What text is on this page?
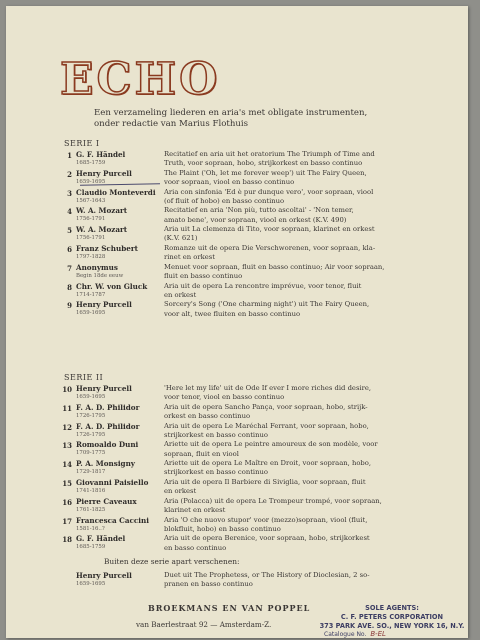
ECHO
Een verzameling liederen en aria's met obligate instrumenten,
onder redactie van Marius Flothuis
SERIE I
1 G. F. Händel
1685-1759
Recitatief en aria uit het oratorium The Triumph of Time and
Truth, voor sopraan, hobo, strijkorkest en basso continuo
2 Henry Purcell
1659-1695
The Plaint ('Oh, let me forever weep') uit The Fairy Queen,
voor sopraan, viool en basso continuo
3 Claudio Monteverdi
1567-1643
Aria con sinfonia 'Ed è pur dunque vero', voor sopraan, viool
(of fluit of hobo) en basso continuo
4 W. A. Mozart
1756-1791
Recitatief en aria 'Non più, tutto ascoltai' - 'Non temer,
amato bene', voor sopraan, viool en orkest (K.V. 490)
5 W. A. Mozart
1756-1791
Aria uit La clemenza di Tito, voor sopraan, klarinet en orkest
(K.V. 621)
6 Franz Schubert
1797-1828
Romanze uit de opera Die Verschworenen, voor sopraan, kla-
rinet en orkest
7 Anonymus
Begin 18de eeuw
Menuet voor sopraan, fluit en basso continuo; Air voor sopraan,
fluit en basso continuo
8 Chr. W. von Gluck
1714-1787
Aria uit de opera La rencontre imprévue, voor tenor, fluit
en orkest
9 Henry Purcell
1659-1695
Sorcery's Song ('One charming night') uit The Fairy Queen,
voor alt, twee fluiten en basso continuo
SERIE II
10 Henry Purcell
1659-1695
'Here let my life' uit de Ode If ever I more riches did desire,
voor tenor, viool en basso continuo
11 F. A. D. Philidor
1726-1795
Aria uit de opera Sancho Pança, voor sopraan, hobo, strijk-
orkest en basso continuo
12 F. A. D. Philidor
1726-1795
Aria uit de opera Le Maréchal Ferrant, voor sopraan, hobo,
strijkorkest en basso continuo
13 Romoaldo Duni
1709-1775
Ariette uit de opera Le peintre amoureux de son modèle, voor
sopraan, fluit en viool
14 P. A. Monsigny
1729-1817
Ariette uit de opera Le Maître en Droit, voor sopraan, hobo,
strijkorkest en basso continuo
15 Giovanni Paisiello
1741-1816
Aria uit de opera Il Barbiere di Siviglia, voor sopraan, fluit
en orkest
16 Pierre Caveaux
1761-1825
Aria (Polacca) uit de opera Le Trompeur trompé, voor sopraan,
klarinet en orkest
17 Francesca Caccini
1581-16..?
Aria 'O che nuovo stupor' voor (mezzo)sopraan, viool (fluit,
blokfluit, hobo) en basso continuo
18 G. F. Händel
1685-1759
Aria uit de opera Berenice, voor sopraan, hobo, strijkorkest
en basso continuo
Buiten deze serie apart verschenen:
Henry Purcell
1659-1695
Duet uit The Prophetess, or The History of Dioclesian, 2 so-
pranen en basso continuo
BROEKMANS EN VAN POPPEL
van Baerlestraat 92 — Amsterdam-Z.
SOLE AGENTS:
C. F. PETERS CORPORATION
373 PARK AVE. SO., NEW YORK 16, N.Y.
Catalogue No. B-EL
